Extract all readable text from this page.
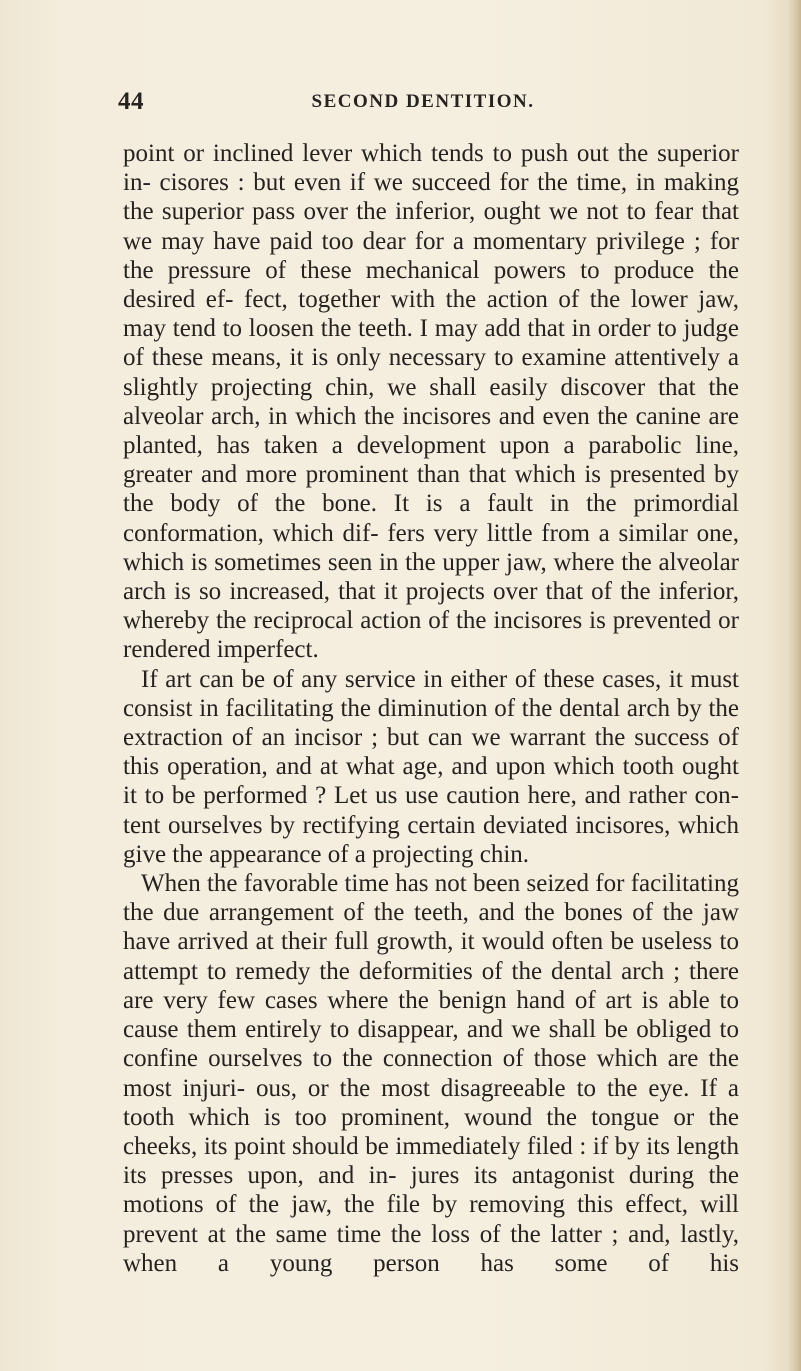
44	SECOND DENTITION.

point or inclined lever which tends to push out the superior in- cisores : but even if we succeed for the time, in making the superior pass over the inferior, ought we not to fear that we may have paid too dear for a momentary privilege ; for the pressure of these mechanical powers to produce the desired ef- fect, together with the action of the lower jaw, may tend to loosen the teeth. I may add that in order to judge of these means, it is only necessary to examine attentively a slightly projecting chin, we shall easily discover that the alveolar arch, in which the incisores and even the canine are planted, has taken a development upon a parabolic line, greater and more prominent than that which is presented by the body of the bone. It is a fault in the primordial conformation, which dif- fers very little from a similar one, which is sometimes seen in the upper jaw, where the alveolar arch is so increased, that it projects over that of the inferior, whereby the reciprocal action of the incisores is prevented or rendered imperfect.

If art can be of any service in either of these cases, it must consist in facilitating the diminution of the dental arch by the extraction of an incisor ; but can we warrant the success of this operation, and at what age, and upon which tooth ought it to be performed ? Let us use caution here, and rather con- tent ourselves by rectifying certain deviated incisores, which give the appearance of a projecting chin.

When the favorable time has not been seized for facilitating the due arrangement of the teeth, and the bones of the jaw have arrived at their full growth, it would often be useless to attempt to remedy the deformities of the dental arch ; there are very few cases where the benign hand of art is able to cause them entirely to disappear, and we shall be obliged to confine ourselves to the connection of those which are the most injuri- ous, or the most disagreeable to the eye. If a tooth which is too prominent, wound the tongue or the cheeks, its point should be immediately filed : if by its length its presses upon, and in- jures its antagonist during the motions of the jaw, the file by removing this effect, will prevent at the same time the loss of the latter ; and, lastly, when a young person has some of his
